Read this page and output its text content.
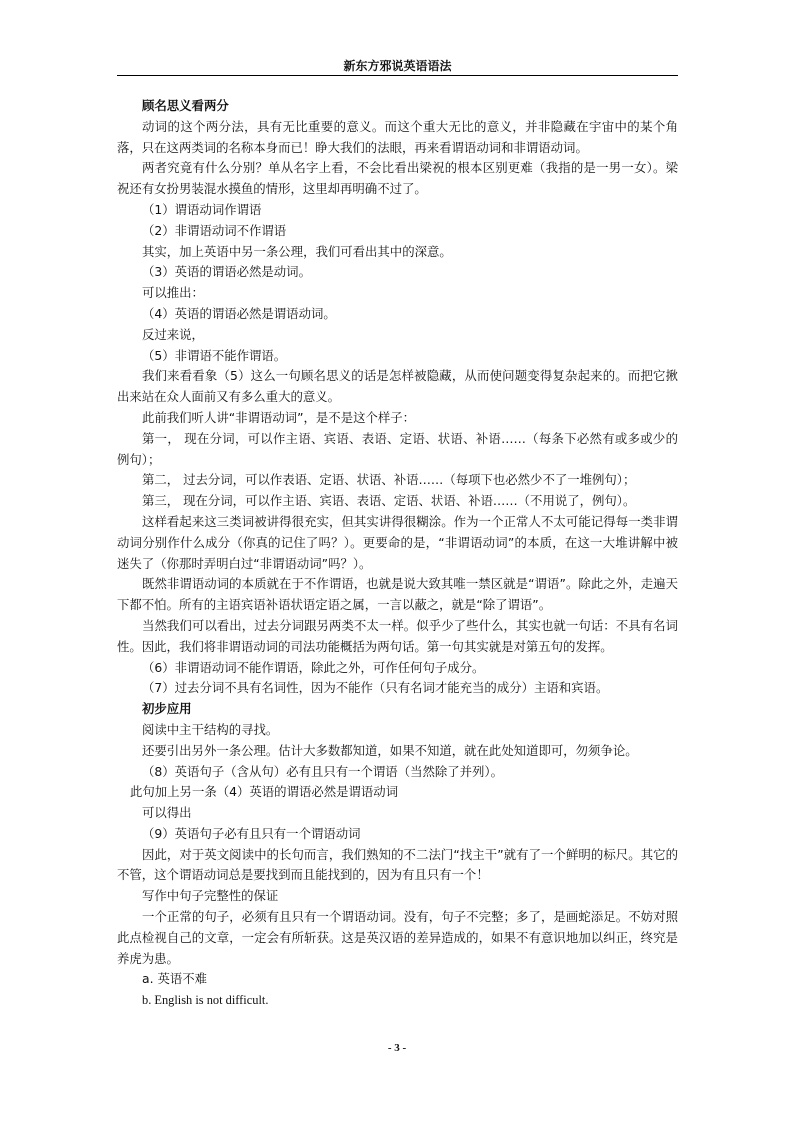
新东方邪说英语语法

顾名思义看两分

动词的这个两分法，具有无比重要的意义。而这个重大无比的意义，并非隐藏在宇宙中的某个角落，只在这两类词的名称本身而已！睁大我们的法眼，再来看谓语动词和非谓语动词。

两者究竟有什么分别？单从名字上看，不会比看出梁祝的根本区别更难（我指的是一男一女）。梁祝还有女扮男装混水摸鱼的情形，这里却再明确不过了。

（1）谓语动词作谓语

（2）非谓语动词不作谓语

其实，加上英语中另一条公理，我们可看出其中的深意。

（3）英语的谓语必然是动词。

可以推出：

（4）英语的谓语必然是谓语动词。

反过来说，

（5）非谓语不能作谓语。

我们来看看象（5）这么一句顾名思义的话是怎样被隐藏，从而使问题变得复杂起来的。而把它揪出来站在众人面前又有多么重大的意义。

此前我们听人讲“非谓语动词”，是不是这个样子：

第一， 现在分词，可以作主语、宾语、表语、定语、状语、补语……（每条下必然有或多或少的例句）；

第二， 过去分词，可以作表语、定语、状语、补语……（每项下也必然少不了一堆例句）；

第三， 现在分词，可以作主语、宾语、表语、定语、状语、补语……（不用说了，例句）。

这样看起来这三类词被讲得很充实，但其实讲得很糊涂。作为一个正常人不太可能记得每一类非谓动词分别作什么成分（你真的记住了吗？）。更要命的是，“非谓语动词”的本质，在这一大堆讲解中被迷失了（你那时弄明白过“非谓语动词”吗？）。

既然非谓语动词的本质就在于不作谓语，也就是说大致其唯一禁区就是“谓语”。除此之外，走遍天下都不怕。所有的主语宾语补语状语定语之属，一言以蔽之，就是“除了谓语”。

当然我们可以看出，过去分词跟另两类不太一样。似乎少了些什么，其实也就一句话：不具有名词性。因此，我们将非谓语动词的司法功能概括为两句话。第一句其实就是对第五句的发挥。

（6）非谓语动词不能作谓语，除此之外，可作任何句子成分。

（7）过去分词不具有名词性，因为不能作（只有名词才能充当的成分）主语和宾语。

初步应用

阅读中主干结构的寻找。

还要引出另外一条公理。估计大多数都知道，如果不知道，就在此处知道即可，勿须争论。

（8）英语句子（含从句）必有且只有一个谓语（当然除了并列）。

此句加上另一条（4）英语的谓语必然是谓语动词

可以得出

（9）英语句子必有且只有一个谓语动词

因此，对于英文阅读中的长句而言，我们熟知的不二法门“找主干”就有了一个鲜明的标尺。其它的不管，这个谓语动词总是要找到而且能找到的，因为有且只有一个！

写作中句子完整性的保证

一个正常的句子，必须有且只有一个谓语动词。没有，句子不完整；多了，是画蛇添足。不妨对照此点检视自己的文章，一定会有所斩获。这是英汉语的差异造成的，如果不有意识地加以纠正，终究是养虎为患。

a. 英语不难

b. English is not difficult.

- 3 -
